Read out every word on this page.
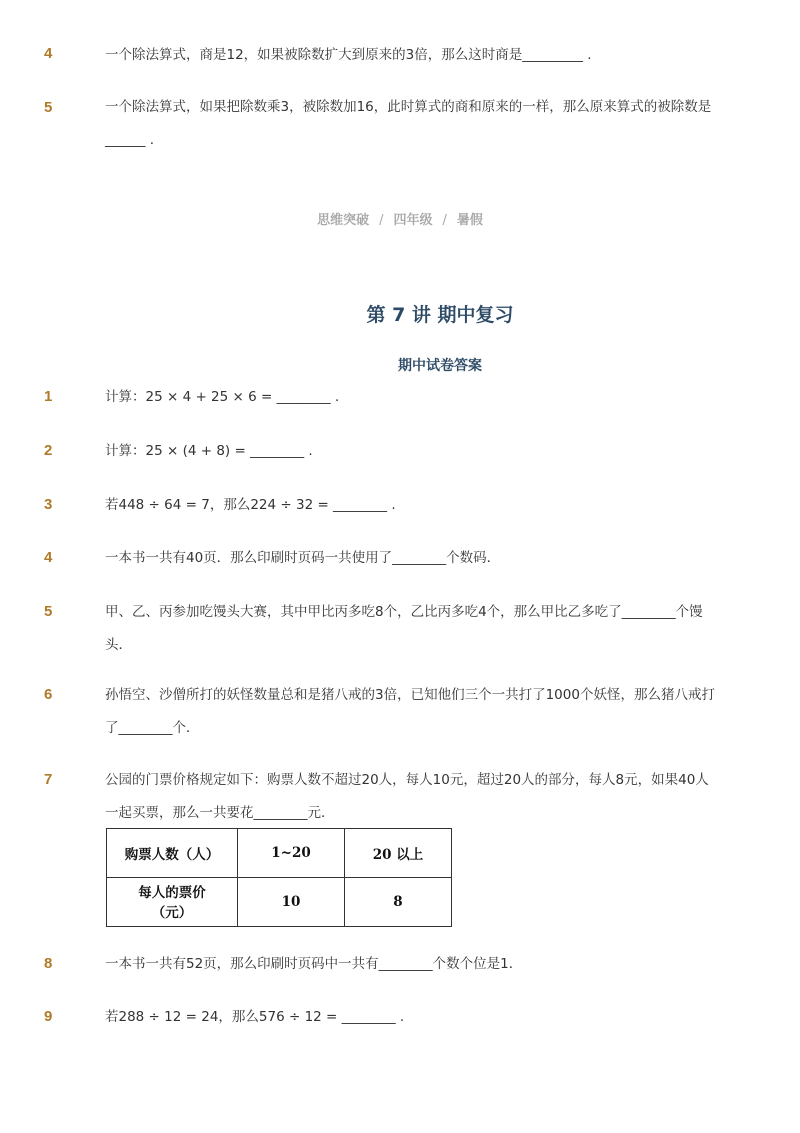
4	一个除法算式，商是12，如果被除数扩大到原来的3倍，那么这时商是_________ .
5	一个除法算式，如果把除数乘3，被除数加16，此时算式的商和原来的一样，那么原来算式的被除数是______ .
思维突破 / 四年级 / 暑假
第 7 讲 期中复习
期中试卷答案
1	计算：25 × 4 + 25 × 6 = ________ .
2	计算：25 × (4 + 8) = ________ .
3	若448 ÷ 64 = 7，那么224 ÷ 32 = ________ .
4	一本书一共有40页．那么印刷时页码一共使用了________个数码．
5	甲、乙、丙参加吃馒头大赛，其中甲比丙多吃8个，乙比丙多吃4个，那么甲比乙多吃了________个馒头．
6	孙悟空、沙僧所打的妖怪数量总和是猪八戒的3倍，已知他们三个一共打了1000个妖怪，那么猪八戒打了________个．
7	公园的门票价格规定如下：购票人数不超过20人，每人10元，超过20人的部分，每人8元，如果40人一起买票，那么一共要花________元．
购票人数（人）	1~20	20 以上
每人的票价
（元）	10	8
8	一本书一共有52页，那么印刷时页码中一共有________个数个位是1．
9	若288 ÷ 12 = 24，那么576 ÷ 12 = ________ .
